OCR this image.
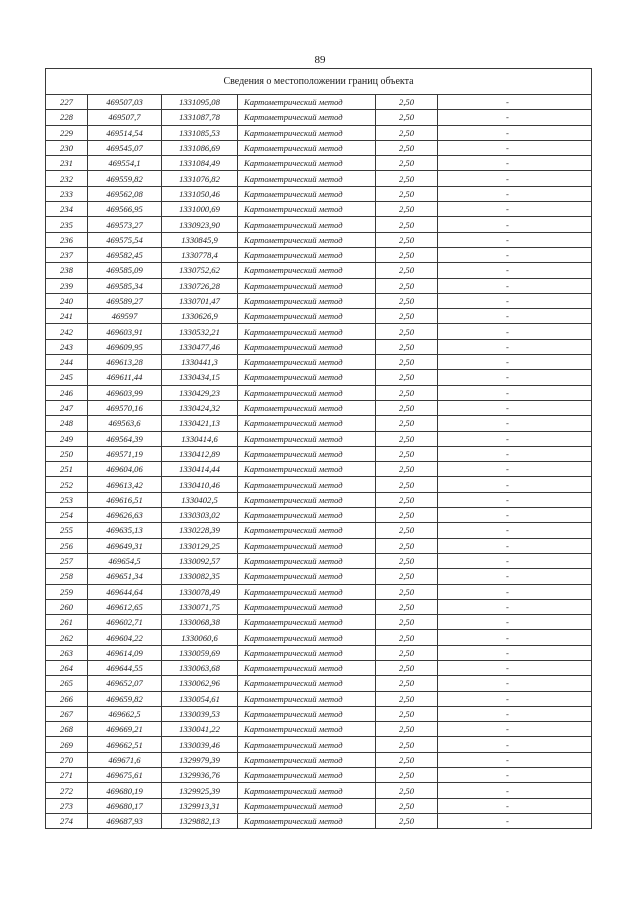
89
Сведения о местоположении границ объекта					
227	469507,03	1331095,08	Картометрический метод	2,50	-
228	469507,7	1331087,78	Картометрический метод	2,50	-
229	469514,54	1331085,53	Картометрический метод	2,50	-
230	469545,07	1331086,69	Картометрический метод	2,50	-
231	469554,1	1331084,49	Картометрический метод	2,50	-
232	469559,82	1331076,82	Картометрический метод	2,50	-
233	469562,08	1331050,46	Картометрический метод	2,50	-
234	469566,95	1331000,69	Картометрический метод	2,50	-
235	469573,27	1330923,90	Картометрический метод	2,50	-
236	469575,54	1330845,9	Картометрический метод	2,50	-
237	469582,45	1330778,4	Картометрический метод	2,50	-
238	469585,09	1330752,62	Картометрический метод	2,50	-
239	469585,34	1330726,28	Картометрический метод	2,50	-
240	469589,27	1330701,47	Картометрический метод	2,50	-
241	469597	1330626,9	Картометрический метод	2,50	-
242	469603,91	1330532,21	Картометрический метод	2,50	-
243	469609,95	1330477,46	Картометрический метод	2,50	-
244	469613,28	1330441,3	Картометрический метод	2,50	-
245	469611,44	1330434,15	Картометрический метод	2,50	-
246	469603,99	1330429,23	Картометрический метод	2,50	-
247	469570,16	1330424,32	Картометрический метод	2,50	-
248	469563,6	1330421,13	Картометрический метод	2,50	-
249	469564,39	1330414,6	Картометрический метод	2,50	-
250	469571,19	1330412,89	Картометрический метод	2,50	-
251	469604,06	1330414,44	Картометрический метод	2,50	-
252	469613,42	1330410,46	Картометрический метод	2,50	-
253	469616,51	1330402,5	Картометрический метод	2,50	-
254	469626,63	1330303,02	Картометрический метод	2,50	-
255	469635,13	1330228,39	Картометрический метод	2,50	-
256	469649,31	1330129,25	Картометрический метод	2,50	-
257	469654,5	1330092,57	Картометрический метод	2,50	-
258	469651,34	1330082,35	Картометрический метод	2,50	-
259	469644,64	1330078,49	Картометрический метод	2,50	-
260	469612,65	1330071,75	Картометрический метод	2,50	-
261	469602,71	1330068,38	Картометрический метод	2,50	-
262	469604,22	1330060,6	Картометрический метод	2,50	-
263	469614,09	1330059,69	Картометрический метод	2,50	-
264	469644,55	1330063,68	Картометрический метод	2,50	-
265	469652,07	1330062,96	Картометрический метод	2,50	-
266	469659,82	1330054,61	Картометрический метод	2,50	-
267	469662,5	1330039,53	Картометрический метод	2,50	-
268	469669,21	1330041,22	Картометрический метод	2,50	-
269	469662,51	1330039,46	Картометрический метод	2,50	-
270	469671,6	1329979,39	Картометрический метод	2,50	-
271	469675,61	1329936,76	Картометрический метод	2,50	-
272	469680,19	1329925,39	Картометрический метод	2,50	-
273	469680,17	1329913,31	Картометрический метод	2,50	-
274	469687,93	1329882,13	Картометрический метод	2,50	-
